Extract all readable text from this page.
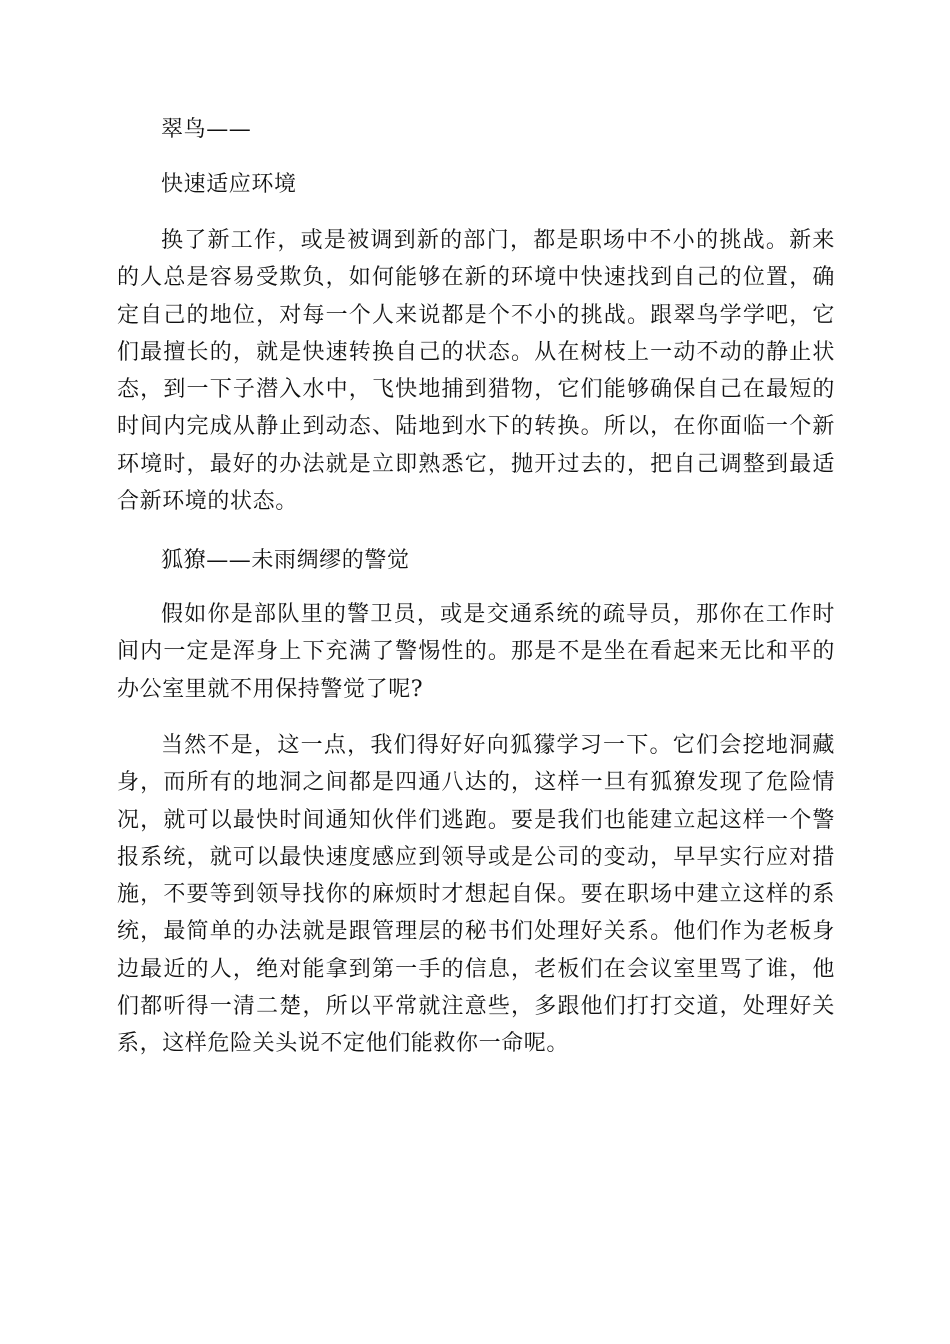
翠鸟——

快速适应环境

换了新工作，或是被调到新的部门，都是职场中不小的挑战。新来的人总是容易受欺负，如何能够在新的环境中快速找到自己的位置，确定自己的地位，对每一个人来说都是个不小的挑战。跟翠鸟学学吧，它们最擅长的，就是快速转换自己的状态。从在树枝上一动不动的静止状态，到一下子潜入水中，飞快地捕到猎物，它们能够确保自己在最短的时间内完成从静止到动态、陆地到水下的转换。所以，在你面临一个新环境时，最好的办法就是立即熟悉它，抛开过去的，把自己调整到最适合新环境的状态。

狐獠——未雨绸缪的警觉

假如你是部队里的警卫员，或是交通系统的疏导员，那你在工作时间内一定是浑身上下充满了警惕性的。那是不是坐在看起来无比和平的办公室里就不用保持警觉了呢?

当然不是，这一点，我们得好好向狐獴学习一下。它们会挖地洞藏身，而所有的地洞之间都是四通八达的，这样一旦有狐獠发现了危险情况，就可以最快时间通知伙伴们逃跑。要是我们也能建立起这样一个警报系统，就可以最快速度感应到领导或是公司的变动，早早实行应对措施，不要等到领导找你的麻烦时才想起自保。要在职场中建立这样的系统，最简单的办法就是跟管理层的秘书们处理好关系。他们作为老板身边最近的人，绝对能拿到第一手的信息，老板们在会议室里骂了谁，他们都听得一清二楚，所以平常就注意些，多跟他们打打交道，处理好关系，这样危险关头说不定他们能救你一命呢。
